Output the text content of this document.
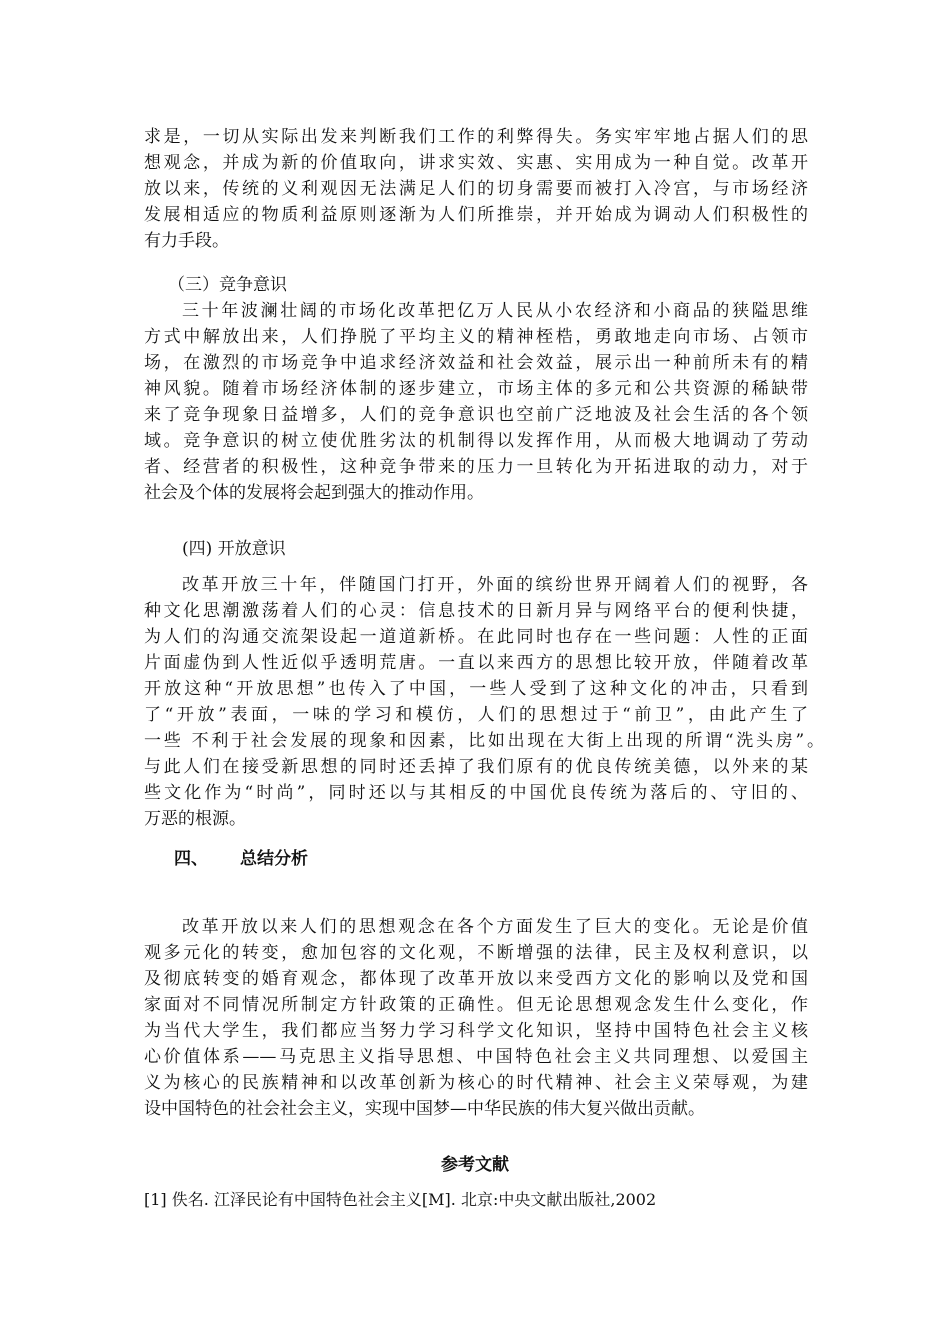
求是，一切从实际出发来判断我们工作的利弊得失。务实牢牢地占据人们的思
想观念，并成为新的价值取向，讲求实效、实惠、实用成为一种自觉。改革开
放以来，传统的义利观因无法满足人们的切身需要而被打入冷宫，与市场经济
发展相适应的物质利益原则逐渐为人们所推崇，并开始成为调动人们积极性的
有力手段。
（三）竞争意识
三十年波澜壮阔的市场化改革把亿万人民从小农经济和小商品的狭隘思维
方式中解放出来，人们挣脱了平均主义的精神桎梏，勇敢地走向市场、占领市
场，在激烈的市场竞争中追求经济效益和社会效益，展示出一种前所未有的精
神风貌。随着市场经济体制的逐步建立，市场主体的多元和公共资源的稀缺带
来了竞争现象日益增多，人们的竞争意识也空前广泛地波及社会生活的各个领
域。竞争意识的树立使优胜劣汰的机制得以发挥作用，从而极大地调动了劳动
者、经营者的积极性，这种竞争带来的压力一旦转化为开拓进取的动力，对于
社会及个体的发展将会起到强大的推动作用。
(四) 开放意识
改革开放三十年，伴随国门打开，外面的缤纷世界开阔着人们的视野，各
种文化思潮激荡着人们的心灵：信息技术的日新月异与网络平台的便利快捷，
为人们的沟通交流架设起一道道新桥。在此同时也存在一些问题：人性的正面
片面虚伪到人性近似乎透明荒唐。一直以来西方的思想比较开放，伴随着改革
开放这种“开放思想”也传入了中国，一些人受到了这种文化的冲击，只看到
了“开放”表面，一味的学习和模仿，人们的思想过于“前卫”，由此产生了
一些 不利于社会发展的现象和因素，比如出现在大街上出现的所谓“洗头房”。
与此人们在接受新思想的同时还丢掉了我们原有的优良传统美德，以外来的某
些文化作为“时尚”，同时还以与其相反的中国优良传统为落后的、守旧的、
万恶的根源。
四、 总结分析
改革开放以来人们的思想观念在各个方面发生了巨大的变化。无论是价值
观多元化的转变，愈加包容的文化观，不断增强的法律，民主及权利意识，以
及彻底转变的婚育观念，都体现了改革开放以来受西方文化的影响以及党和国
家面对不同情况所制定方针政策的正确性。但无论思想观念发生什么变化，作
为当代大学生，我们都应当努力学习科学文化知识，坚持中国特色社会主义核
心价值体系——马克思主义指导思想、中国特色社会主义共同理想、以爱国主
义为核心的民族精神和以改革创新为核心的时代精神、社会主义荣辱观，为建
设中国特色的社会社会主义，实现中国梦—中华民族的伟大复兴做出贡献。
参考文献
[1] 佚名. 江泽民论有中国特色社会主义[M]. 北京:中央文献出版社,2002
